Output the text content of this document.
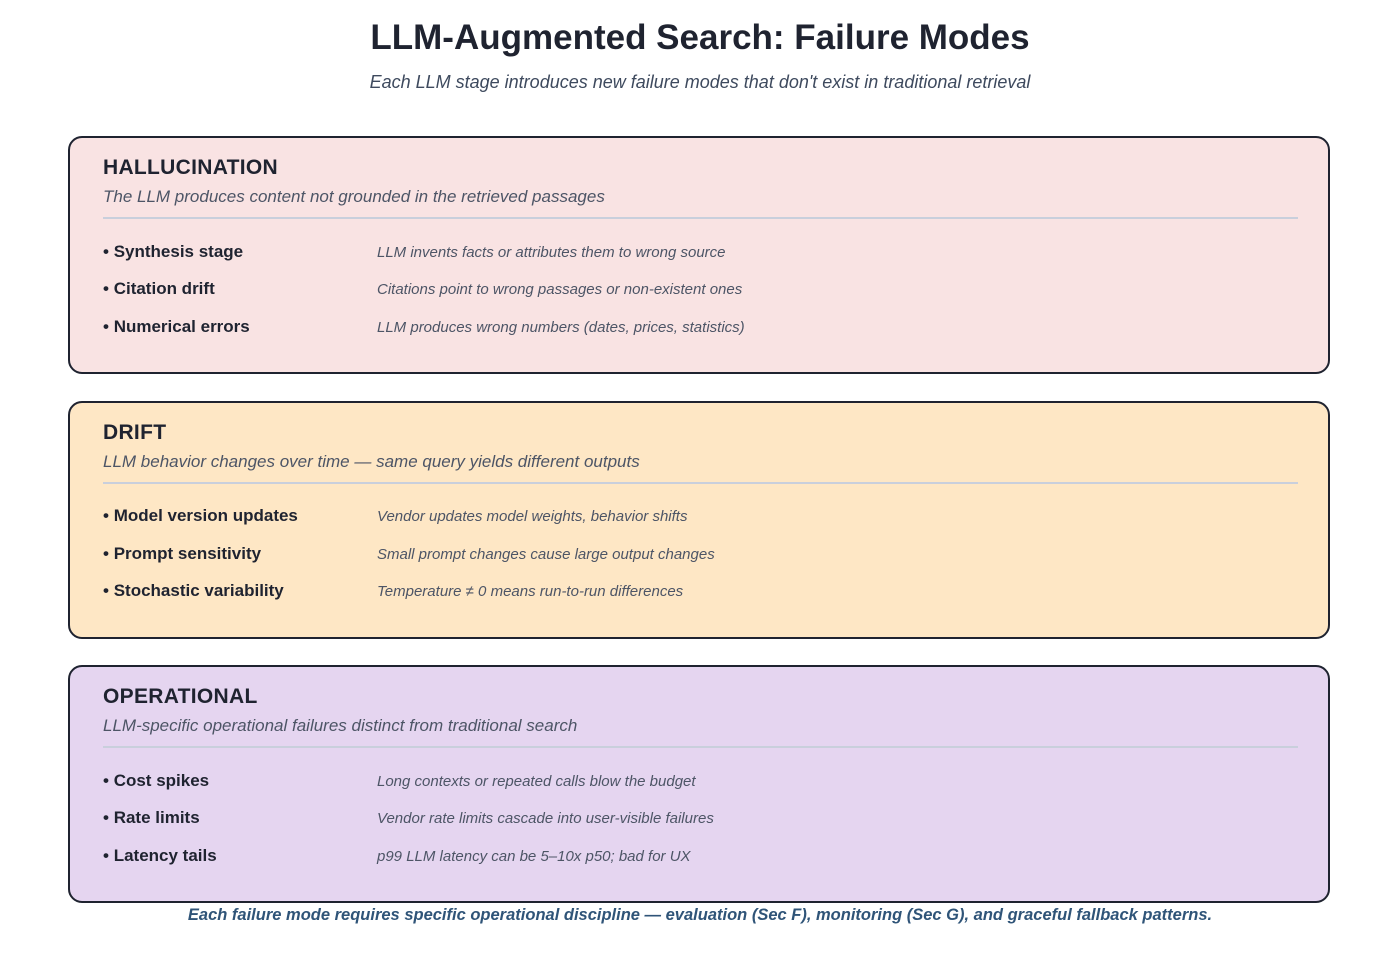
LLM-Augmented Search: Failure Modes

Each LLM stage introduces new failure modes that don't exist in traditional retrieval

HALLUCINATION
The LLM produces content not grounded in the retrieved passages
• Synthesis stage	LLM invents facts or attributes them to wrong source
• Citation drift	Citations point to wrong passages or non-existent ones
• Numerical errors	LLM produces wrong numbers (dates, prices, statistics)
DRIFT
LLM behavior changes over time — same query yields different outputs
• Model version updates	Vendor updates model weights, behavior shifts
• Prompt sensitivity	Small prompt changes cause large output changes
• Stochastic variability	Temperature ≠ 0 means run-to-run differences
OPERATIONAL
LLM-specific operational failures distinct from traditional search
• Cost spikes	Long contexts or repeated calls blow the budget
• Rate limits	Vendor rate limits cascade into user-visible failures
• Latency tails	p99 LLM latency can be 5–10x p50; bad for UX
Each failure mode requires specific operational discipline — evaluation (Sec F), monitoring (Sec G), and graceful fallback patterns.
